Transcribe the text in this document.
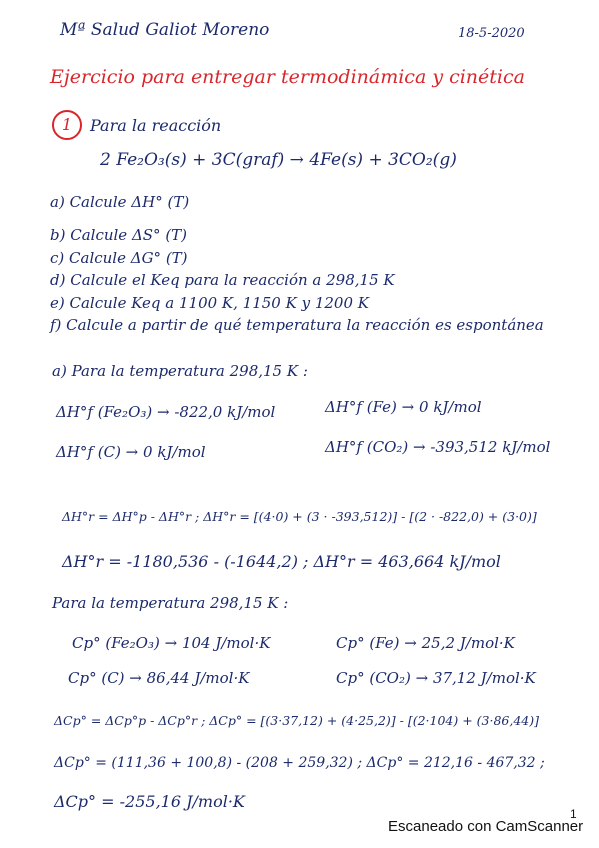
Mª Salud Galiot Moreno	18-5-2020
Ejercicio para entregar termodinámica y cinética
1	Para la reacción
2 Fe₂O₃(s) + 3C(graf) → 4Fe(s) + 3CO₂(g)
a) Calcule ΔH° (T)
b) Calcule ΔS° (T)
c) Calcule ΔG° (T)
d) Calcule el Keq para la reacción a 298,15 K
e) Calcule Keq a 1100 K, 1150 K y 1200 K
f) Calcule a partir de qué temperatura la reacción es espontánea
a) Para la temperatura 298,15 K :
ΔH°f (Fe₂O₃) → -822,0 kJ/mol	ΔH°f (Fe) → 0 kJ/mol
ΔH°f (C) → 0 kJ/mol	ΔH°f (CO₂) → -393,512 kJ/mol
ΔH°r = ΔH°p - ΔH°r ; ΔH°r = [(4·0) + (3 · -393,512)] - [(2 · -822,0) + (3·0)]
ΔH°r = -1180,536 - (-1644,2) ; ΔH°r = 463,664 kJ/mol
Para la temperatura 298,15 K :
Cp° (Fe₂O₃) → 104 J/mol·K	Cp° (Fe) → 25,2 J/mol·K
Cp° (C) → 86,44 J/mol·K	Cp° (CO₂) → 37,12 J/mol·K
ΔCp° = ΔCp°p - ΔCp°r ; ΔCp° = [(3·37,12) + (4·25,2)] - [(2·104) + (3·86,44)]
ΔCp° = (111,36 + 100,8) - (208 + 259,32) ; ΔCp° = 212,16 - 467,32 ;
ΔCp° = -255,16 J/mol·K
1
Escaneado con CamScanner
